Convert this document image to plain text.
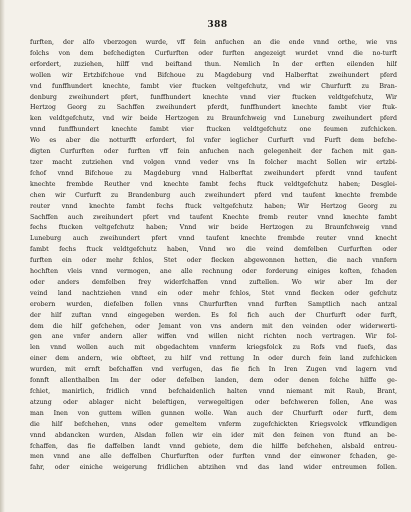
388
furften, der alfo vberzogen wurde, vff fein anfuchen an die ende vnnd orthe, wie vns
folchs von dem befchedigten Curfurften oder furften angezeigt wurdet vnnd die no-turft
erfordert, zuziehen, hilff vnd beiftand thun. Nemlich In der erften eilenden hilf
wollen wir Ertzbifchoue vnd Bifchoue zu Magdeburg vnd Halberftat zweihundert pferd
vnd funffhundert knechte, fambt vier ftucken veltgefchutz, vnd wir Churfurft zu Bran-
denburg zweihundert pfert, funffhundert knechte vnnd vier ftucken veldtgefchutz, Wir
Hertzog Georg zu Sachffen zweihundert pferdt, funffhundert knechte fambt vier ftuk-
ken veldtgefchutz, vnd wir beide Hertzogen zu Braunfchweig vnd Luneburg zweihundert pferd
vnnd funffhundert knechte fambt vier ftucken veldtgefchutz one feumen zufchicken.
Wo es aber die notturfft erfordert, fol vnfer ieglicher Curfurft vnd Furft dem befche-
digten Curfurften oder furften vff fein anfuchen nach gelegenheit der fachen mit gan-
tzer macht zutziehen vnd volgen vnnd veder vns In folcher macht Sollen wir ertzbi-
fchof vnnd Bifchoue zu Magdeburg vnnd Halberftat zweihundert pferdt vnnd taufent
knechte frembde Reuther vnd knechte fambt fechs ftuck veldtgefchutz haben; Desglei-
chen wir Curfurft zu Brandenburg auch zweihundert pferd vnd taufent knechte frembde
reuter vnnd knechte fambt fechs ftuck veltgefchutz haben; Wir Hertzog Georg zu
Sachffen auch zweihundert pfert vnd taufent Knechte fremb reuter vnnd knechte fambt
fechs ftucken veltgefchutz haben; Vnnd wir beide Hertzogen zu Braunfchweig vnnd
Luneburg auch zweihundert pfert vnnd taufent knechte frembde reuter vnnd knecht
fambt fechs ftuck veldtgefchutz haben, Vnnd wo die veind demfelben Curfurften oder
furften ein oder mehr fchlos, Stet oder flecken abgewonnen hetten, die nach vnnfern
hochften vleis vnnd vermogen, ane alle rechnung oder forderung einiges koften, fchaden
oder anders demfelben frey widerfchaffen vnnd zuftellen. Wo wir aber Im der
veind land nachtziehen vnnd ein oder mehr fchlos, Stet vnnd flecken oder gefchutz
erobern wurden, diefelben follen vnns Churfurften vnnd furften Samptlich nach antzal
der hilf zuftan vnnd eingegeben werden. Es fol fich auch der Churfurft oder furft,
dem die hilf gefchehen, oder Jemant von vns andern mit den veinden oder widerwerti-
gen ane vnfer andern aller wiffen vnd willen nicht richten noch vertragen. Wir fol-
len vnnd wollen auch mit obgedachtem vnnferm kriegsfolck zu Rofs vnd fuefs, das
einer dem andern, wie obfteet, zu hilf vnd rettung In oder durch fein land zufchicken
wurden, mit ernft befchaffen vnd verfugen, das fie fich In Iren Zugen vnd lagern vnd
fonnft allenthalben Im der oder defelben landen, dem oder denen folche hilffe ge-
fchiet, manirlich, fridlich vnnd befchaidenlich halten vnnd niemant mit Raub, Brant,
atzung oder ablager nicht beleftigen, verwegeltigen oder befchweren follen, Ane was
man Inen von guttem willen gunnen wolle. Wan auch der Churfurft oder furft, dem
die hilf befchehen, vnns oder gemeltem vnferm zugefchickten Kriegsvolck vffkundigen
vnnd abdancken wurden, Alsdan follen wir ein ider mit den feinen von ftund an be-
fchaffen, das fie daffelben landt vnnd gebiete, dem die hilffe befchehen, alsbald entreu-
men vnnd ane alle deffelben Churfurften oder furften vnnd der einwoner fchaden, ge-
fahr, oder einiche weigerung fridlichen abtzihen vnd das land wider entreumen follen.
